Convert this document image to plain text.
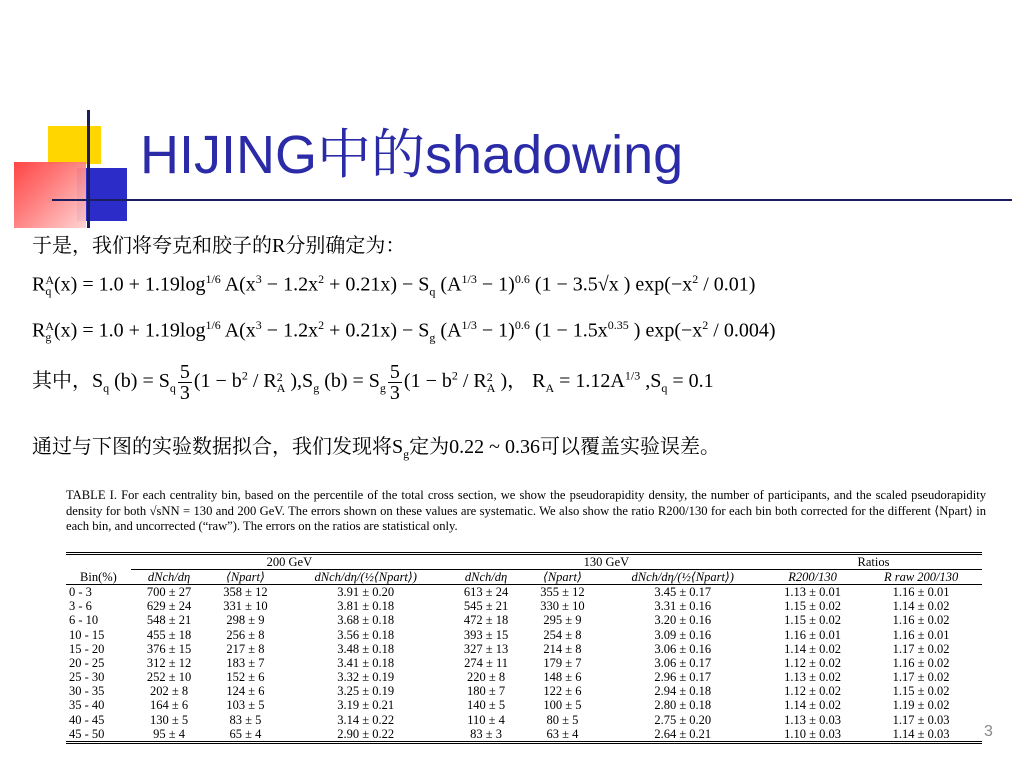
HIJING中的shadowing
于是，我们将夸克和胶子的R分别确定为：
R A
q $(x) = 1.0 + 1.19\log^{1/6}$ $A(x^3 - 1.2x^2 + 0.21x) - S_q$ $(A^{1/3} - 1)^{0.6}$ (1 − 3.5√x ) $\exp(-x^2 / 0.01)$
R A
g $(x) = 1.0 + 1.19\log^{1/6}$ $A(x^3 - 1.2x^2 + 0.21x) - S_g$ $(A^{1/3} - 1)^{0.6}$ ($1 - 1.5x^{0.35}$ ) $\exp(-x^2 / 0.004)$
其中，$S_q$ $(b) = S_q \frac{5}{3} (1 - b^2 / R$ 2
A )$,S_g$ $(b) = S_g \frac{5}{3} (1 - b^2 / R$ 2
A )， $R_A = 1.12A^{1/3}$ $,S_q = 0.1$
通过与下图的实验数据拟合，我们发现将$S_g$定为0.22 ~ 0.36可以覆盖实验误差。
TABLE I. For each centrality bin, based on the percentile of the total cross section, we show the pseudorapidity density, the number of participants, and the scaled pseudorapidity density for both √sNN = 130 and 200 GeV. The errors shown on these values are systematic. We also show the ratio R200/130 for each bin both corrected for the different ⟨Npart⟩ in each bin, and uncorrected (“raw”). The errors on the ratios are statistical only.
	200 GeV			130 GeV			Ratios	
Bin(%)	dNch/dη	⟨Npart⟩	dNch/dη/(½⟨Npart⟩)	dNch/dη	⟨Npart⟩	dNch/dη/(½⟨Npart⟩)	R200/130	R raw 200/130
0 - 3	700 ± 27	358 ± 12	3.91 ± 0.20	613 ± 24	355 ± 12	3.45 ± 0.17	1.13 ± 0.01	1.16 ± 0.01
3 - 6	629 ± 24	331 ± 10	3.81 ± 0.18	545 ± 21	330 ± 10	3.31 ± 0.16	1.15 ± 0.02	1.14 ± 0.02
6 - 10	548 ± 21	298 ± 9	3.68 ± 0.18	472 ± 18	295 ± 9	3.20 ± 0.16	1.15 ± 0.02	1.16 ± 0.02
10 - 15	455 ± 18	256 ± 8	3.56 ± 0.18	393 ± 15	254 ± 8	3.09 ± 0.16	1.16 ± 0.01	1.16 ± 0.01
15 - 20	376 ± 15	217 ± 8	3.48 ± 0.18	327 ± 13	214 ± 8	3.06 ± 0.16	1.14 ± 0.02	1.17 ± 0.02
20 - 25	312 ± 12	183 ± 7	3.41 ± 0.18	274 ± 11	179 ± 7	3.06 ± 0.17	1.12 ± 0.02	1.16 ± 0.02
25 - 30	252 ± 10	152 ± 6	3.32 ± 0.19	220 ± 8	148 ± 6	2.96 ± 0.17	1.13 ± 0.02	1.17 ± 0.02
30 - 35	202 ± 8	124 ± 6	3.25 ± 0.19	180 ± 7	122 ± 6	2.94 ± 0.18	1.12 ± 0.02	1.15 ± 0.02
35 - 40	164 ± 6	103 ± 5	3.19 ± 0.21	140 ± 5	100 ± 5	2.80 ± 0.18	1.14 ± 0.02	1.19 ± 0.02
40 - 45	130 ± 5	83 ± 5	3.14 ± 0.22	110 ± 4	80 ± 5	2.75 ± 0.20	1.13 ± 0.03	1.17 ± 0.03
45 - 50	95 ± 4	65 ± 4	2.90 ± 0.22	83 ± 3	63 ± 4	2.64 ± 0.21	1.10 ± 0.03	1.14 ± 0.03 3
